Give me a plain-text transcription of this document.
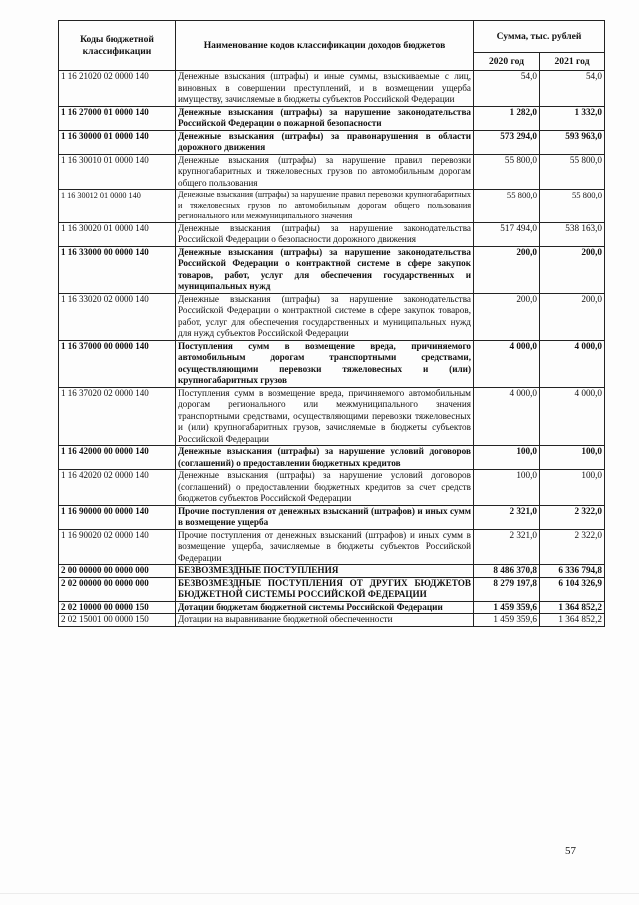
Коды бюджетной классификации	Наименование кодов классификации доходов бюджетов	Сумма, тыс. рублей	
		2020 год	2021 год
1 16 21020 02 0000 140	Денежные взыскания (штрафы) и иные суммы, взыскиваемые с лиц, виновных в совершении преступлений, и в возмещении ущерба имуществу, зачисляемые в бюджеты субъектов Российской Федерации	54,0	54,0
1 16 27000 01 0000 140	Денежные взыскания (штрафы) за нарушение законодательства Российской Федерации о пожарной безопасности	1 282,0	1 332,0
1 16 30000 01 0000 140	Денежные взыскания (штрафы) за правонарушения в области дорожного движения	573 294,0	593 963,0
1 16 30010 01 0000 140	Денежные взыскания (штрафы) за нарушение правил перевозки крупногабаритных и тяжеловесных грузов по автомобильным дорогам общего пользования	55 800,0	55 800,0
1 16 30012 01 0000 140	Денежные взыскания (штрафы) за нарушение правил перевозки крупногабаритных и тяжеловесных грузов по автомобильным дорогам общего пользования регионального или межмуниципального значения	55 800,0	55 800,0
1 16 30020 01 0000 140	Денежные взыскания (штрафы) за нарушение законодательства Российской Федерации о безопасности дорожного движения	517 494,0	538 163,0
1 16 33000 00 0000 140	Денежные взыскания (штрафы) за нарушение законодательства Российской Федерации о контрактной системе в сфере закупок товаров, работ, услуг для обеспечения государственных и муниципальных нужд	200,0	200,0
1 16 33020 02 0000 140	Денежные взыскания (штрафы) за нарушение законодательства Российской Федерации о контрактной системе в сфере закупок товаров, работ, услуг для обеспечения государственных и муниципальных нужд для нужд субъектов Российской Федерации	200,0	200,0
1 16 37000 00 0000 140	Поступления сумм в возмещение вреда, причиняемого автомобильным дорогам транспортными средствами, осуществляющими перевозки тяжеловесных и (или) крупногабаритных грузов	4 000,0	4 000,0
1 16 37020 02 0000 140	Поступления сумм в возмещение вреда, причиняемого автомобильным дорогам регионального или межмуниципального значения транспортными средствами, осуществляющими перевозки тяжеловесных и (или) крупногабаритных грузов, зачисляемые в бюджеты субъектов Российской Федерации	4 000,0	4 000,0
1 16 42000 00 0000 140	Денежные взыскания (штрафы) за нарушение условий договоров (соглашений) о предоставлении бюджетных кредитов	100,0	100,0
1 16 42020 02 0000 140	Денежные взыскания (штрафы) за нарушение условий договоров (соглашений) о предоставлении бюджетных кредитов за счет средств бюджетов субъектов Российской Федерации	100,0	100,0
1 16 90000 00 0000 140	Прочие поступления от денежных взысканий (штрафов) и иных сумм в возмещение ущерба	2 321,0	2 322,0
1 16 90020 02 0000 140	Прочие поступления от денежных взысканий (штрафов) и иных сумм в возмещение ущерба, зачисляемые в бюджеты субъектов Российской Федерации	2 321,0	2 322,0
2 00 00000 00 0000 000	БЕЗВОЗМЕЗДНЫЕ ПОСТУПЛЕНИЯ	8 486 370,8	6 336 794,8
2 02 00000 00 0000 000	БЕЗВОЗМЕЗДНЫЕ ПОСТУПЛЕНИЯ ОТ ДРУГИХ БЮДЖЕТОВ БЮДЖЕТНОЙ СИСТЕМЫ РОССИЙСКОЙ ФЕДЕРАЦИИ	8 279 197,8	6 104 326,9
2 02 10000 00 0000 150	Дотации бюджетам бюджетной системы Российской Федерации	1 459 359,6	1 364 852,2
2 02 15001 00 0000 150	Дотации на выравнивание бюджетной обеспеченности	1 459 359,6	1 364 852,2
57
